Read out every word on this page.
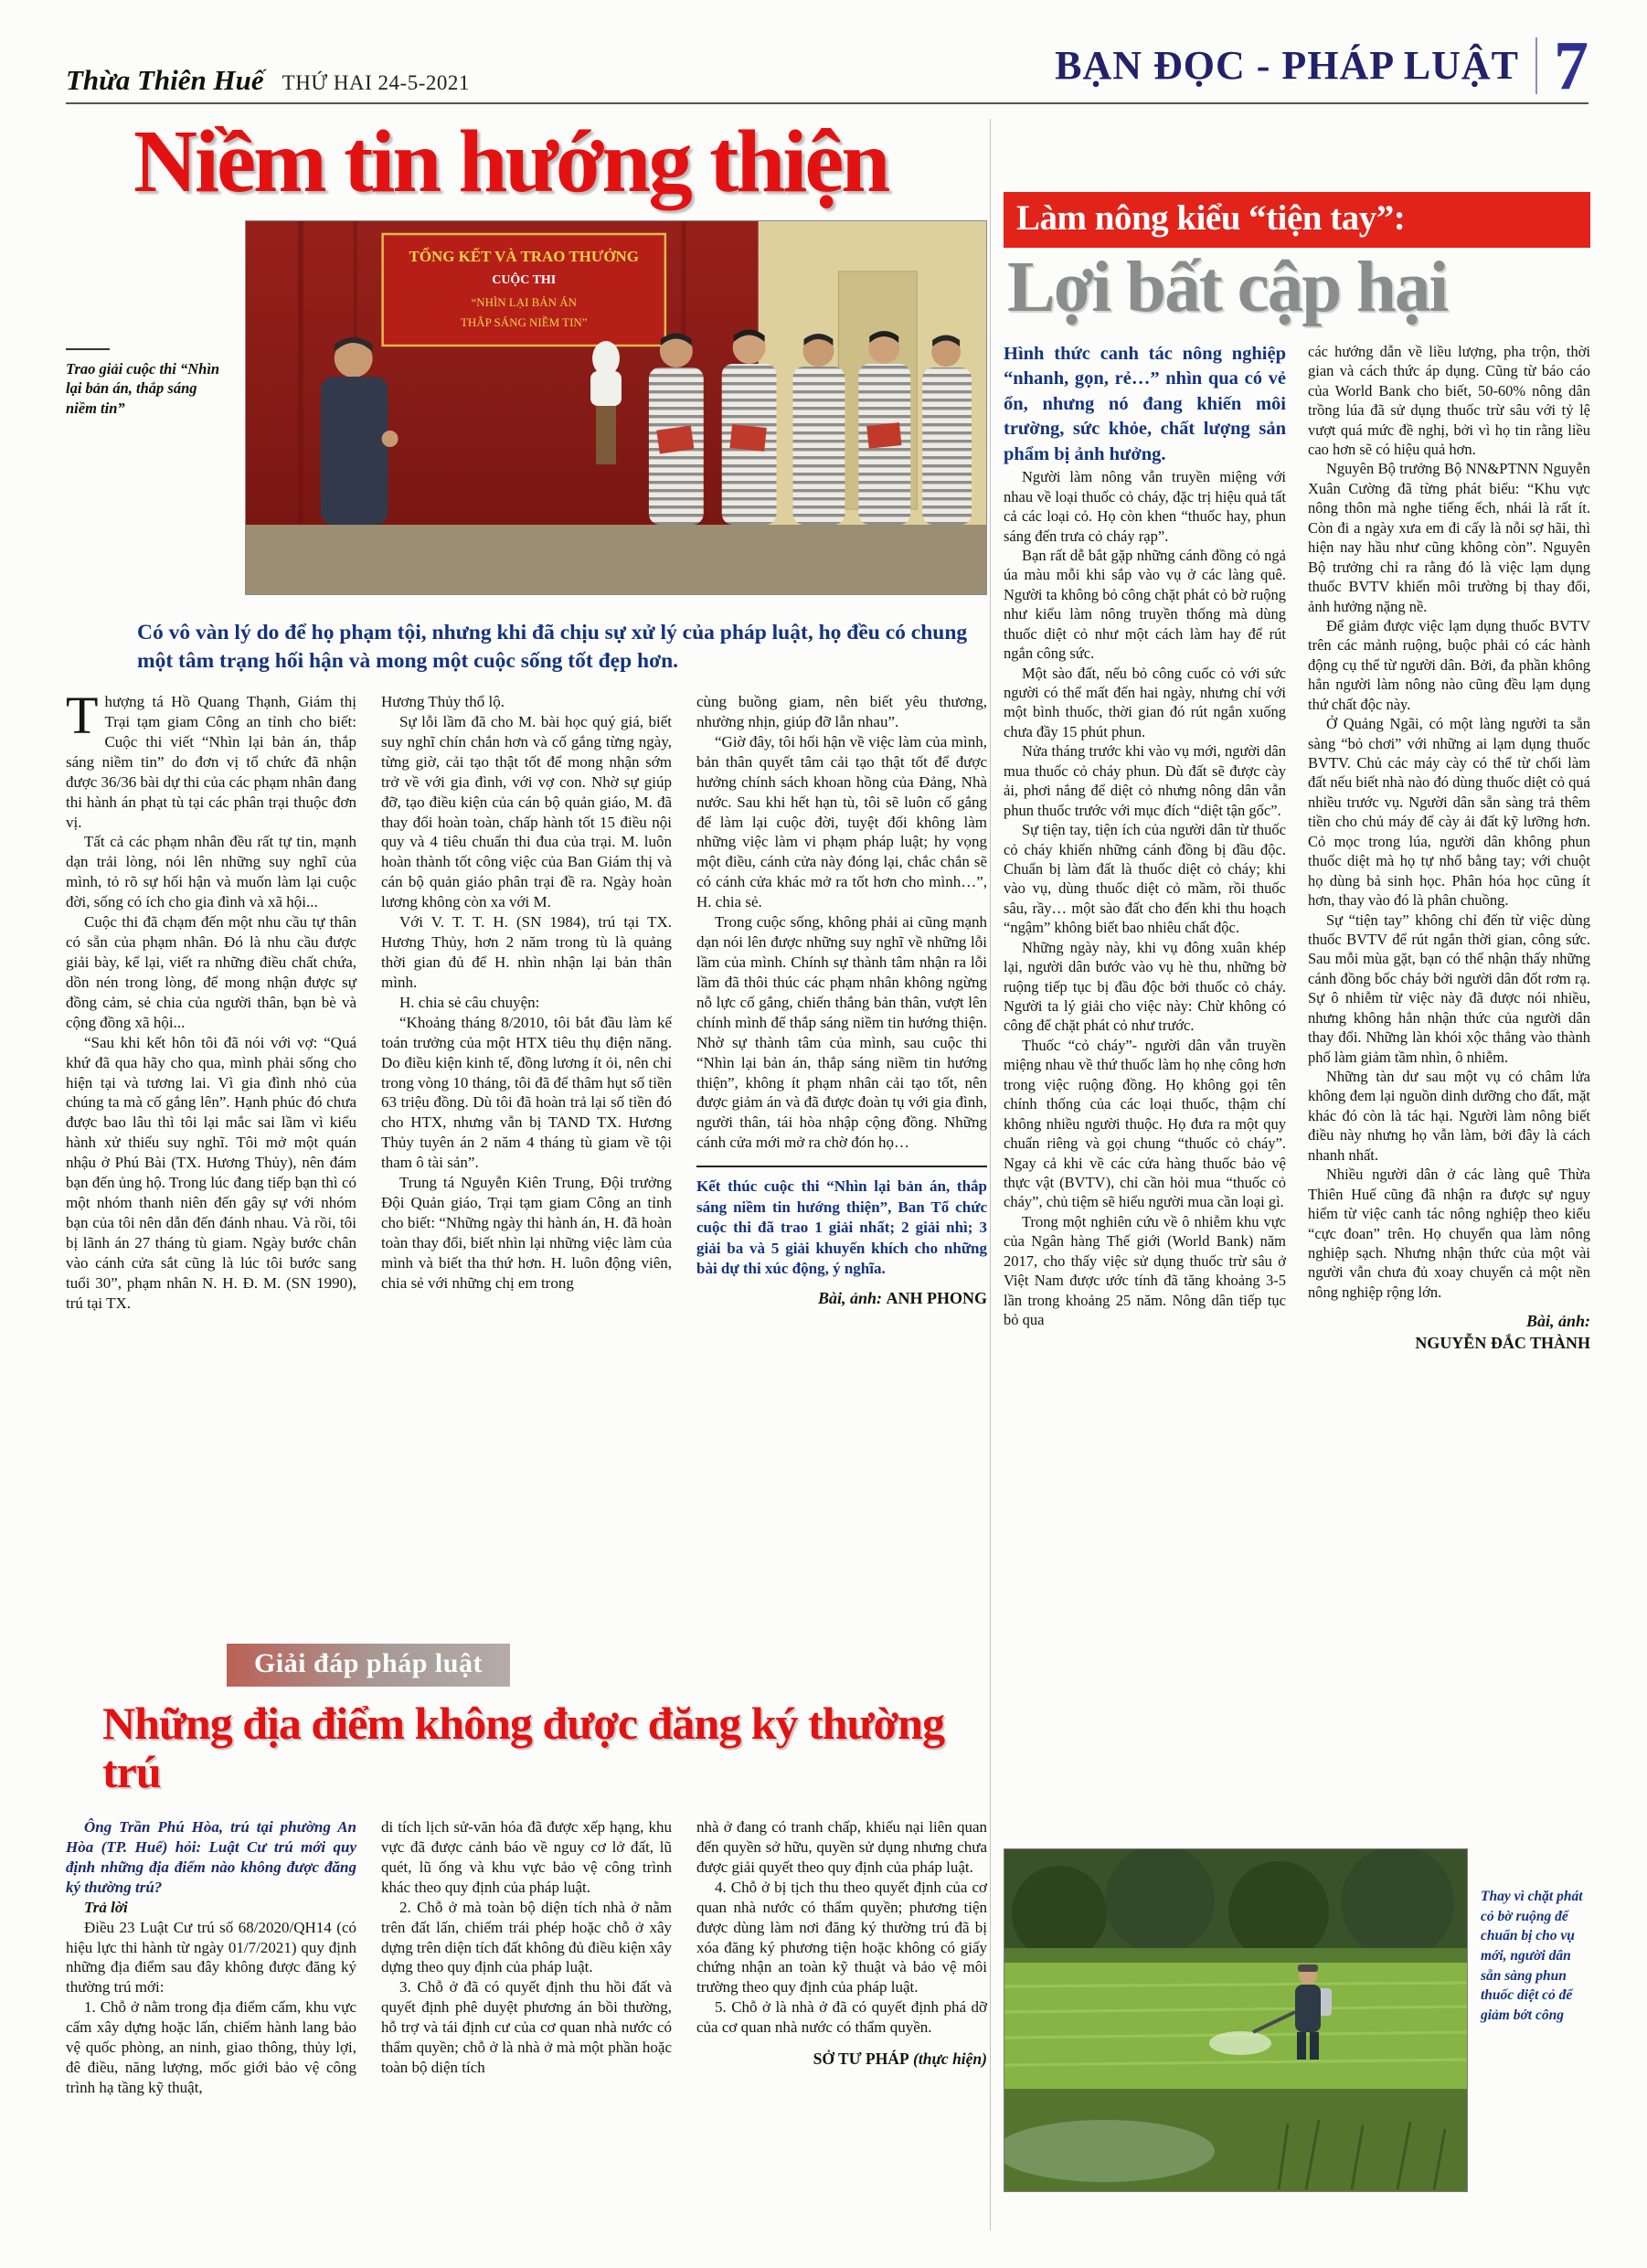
Thừa Thiên Huế THỨ HAI 24-5-2021	BẠN ĐỌC - PHÁP LUẬT 7
Niềm tin hướng thiện
Trao giải cuộc thi “Nhìn lại bản án, thắp sáng niềm tin”
TỔNG KẾT VÀ TRAO THƯỞNG
CUỘC THI
“NHÌN LẠI BẢN ÁN
THẮP SÁNG NIỀM TIN”

Có vô vàn lý do để họ phạm tội, nhưng khi đã chịu sự xử lý của pháp luật, họ đều có chung một tâm trạng hối hận và mong một cuộc sống tốt đẹp hơn.

Thượng tá Hồ Quang Thạnh, Giám thị Trại tạm giam Công an tỉnh cho biết: Cuộc thi viết “Nhìn lại bản án, thắp sáng niềm tin” do đơn vị tổ chức đã nhận được 36/36 bài dự thi của các phạm nhân đang thi hành án phạt tù tại các phân trại thuộc đơn vị.

Tất cả các phạm nhân đều rất tự tin, mạnh dạn trải lòng, nói lên những suy nghĩ của mình, tỏ rõ sự hối hận và muốn làm lại cuộc đời, sống có ích cho gia đình và xã hội...

Cuộc thi đã chạm đến một nhu cầu tự thân có sẵn của phạm nhân. Đó là nhu cầu được giải bày, kể lại, viết ra những điều chất chứa, dồn nén trong lòng, để mong nhận được sự đồng cảm, sẻ chia của người thân, bạn bè và cộng đồng xã hội...

“Sau khi kết hôn tôi đã nói với vợ: “Quá khứ đã qua hãy cho qua, mình phải sống cho hiện tại và tương lai. Vì gia đình nhỏ của chúng ta mà cố gắng lên”. Hạnh phúc đó chưa được bao lâu thì tôi lại mắc sai lầm vì kiểu hành xử thiếu suy nghĩ. Tôi mở một quán nhậu ở Phú Bài (TX. Hương Thủy), nên đám bạn đến ủng hộ. Trong lúc đang tiếp bạn thì có một nhóm thanh niên đến gây sự với nhóm bạn của tôi nên dẫn đến đánh nhau. Và rồi, tôi bị lãnh án 27 tháng tù giam. Ngày bước chân vào cánh cửa sắt cũng là lúc tôi bước sang tuổi 30”, phạm nhân N. H. Đ. M. (SN 1990), trú tại TX.

Hương Thủy thổ lộ.

Sự lỗi lầm đã cho M. bài học quý giá, biết suy nghĩ chín chắn hơn và cố gắng từng ngày, từng giờ, cải tạo thật tốt để mong nhận sớm trở về với gia đình, với vợ con. Nhờ sự giúp đỡ, tạo điều kiện của cán bộ quản giáo, M. đã thay đổi hoàn toàn, chấp hành tốt 15 điều nội quy và 4 tiêu chuẩn thi đua của trại. M. luôn hoàn thành tốt công việc của Ban Giám thị và cán bộ quản giáo phân trại đề ra. Ngày hoàn lương không còn xa với M.

Với V. T. T. H. (SN 1984), trú tại TX. Hương Thủy, hơn 2 năm trong tù là quảng thời gian đủ để H. nhìn nhận lại bản thân mình.

H. chia sẻ câu chuyện:

“Khoảng tháng 8/2010, tôi bắt đầu làm kế toán trưởng của một HTX tiêu thụ điện năng. Do điều kiện kinh tế, đồng lương ít ỏi, nên chỉ trong vòng 10 tháng, tôi đã để thâm hụt số tiền 63 triệu đồng. Dù tôi đã hoàn trả lại số tiền đó cho HTX, nhưng vẫn bị TAND TX. Hương Thủy tuyên án 2 năm 4 tháng tù giam về tội tham ô tài sản”.

Trung tá Nguyễn Kiên Trung, Đội trưởng Đội Quản giáo, Trại tạm giam Công an tỉnh cho biết: “Những ngày thi hành án, H. đã hoàn toàn thay đổi, biết nhìn lại những việc làm của mình và biết tha thứ hơn. H. luôn động viên, chia sẻ với những chị em trong

cùng buồng giam, nên biết yêu thương, nhường nhịn, giúp đỡ lẫn nhau”.

“Giờ đây, tôi hối hận về việc làm của mình, bản thân quyết tâm cải tạo thật tốt để được hưởng chính sách khoan hồng của Đảng, Nhà nước. Sau khi hết hạn tù, tôi sẽ luôn cố gắng để làm lại cuộc đời, tuyệt đối không làm những việc làm vi phạm pháp luật; hy vọng một điều, cánh cửa này đóng lại, chắc chắn sẽ có cánh cửa khác mở ra tốt hơn cho mình…”, H. chia sẻ.

Trong cuộc sống, không phải ai cũng mạnh dạn nói lên được những suy nghĩ về những lỗi lầm của mình. Chính sự thành tâm nhận ra lỗi lầm đã thôi thúc các phạm nhân không ngừng nỗ lực cố gắng, chiến thắng bản thân, vượt lên chính mình để thắp sáng niềm tin hướng thiện. Nhờ sự thành tâm của mình, sau cuộc thi “Nhìn lại bản án, thắp sáng niềm tin hướng thiện”, không ít phạm nhân cải tạo tốt, nên được giảm án và đã được đoàn tụ với gia đình, người thân, tái hòa nhập cộng đồng. Những cánh cửa mới mở ra chờ đón họ…

Kết thúc cuộc thi “Nhìn lại bản án, thắp sáng niềm tin hướng thiện”, Ban Tổ chức cuộc thi đã trao 1 giải nhất; 2 giải nhì; 3 giải ba và 5 giải khuyến khích cho những bài dự thi xúc động, ý nghĩa.
Bài, ảnh: ANH PHONG
Làm nông kiểu “tiện tay”:
Lợi bất cập hại

Hình thức canh tác nông nghiệp “nhanh, gọn, rẻ…” nhìn qua có vẻ ổn, nhưng nó đang khiến môi trường, sức khỏe, chất lượng sản phẩm bị ảnh hưởng.

Người làm nông vẫn truyền miệng với nhau về loại thuốc cỏ cháy, đặc trị hiệu quả tất cả các loại cỏ. Họ còn khen “thuốc hay, phun sáng đến trưa cỏ cháy rạp”.

Bạn rất dễ bắt gặp những cánh đồng cỏ ngả úa màu mỗi khi sắp vào vụ ở các làng quê. Người ta không bỏ công chặt phát cỏ bờ ruộng như kiểu làm nông truyền thống mà dùng thuốc diệt cỏ như một cách làm hay để rút ngắn công sức.

Một sào đất, nếu bỏ công cuốc cỏ với sức người có thể mất đến hai ngày, nhưng chỉ với một bình thuốc, thời gian đó rút ngắn xuống chưa đầy 15 phút phun.

Nửa tháng trước khi vào vụ mới, người dân mua thuốc cỏ cháy phun. Dù đất sẽ được cày ải, phơi nắng để diệt cỏ nhưng nông dân vẫn phun thuốc trước với mục đích “diệt tận gốc”.

Sự tiện tay, tiện ích của người dân từ thuốc cỏ cháy khiến những cánh đồng bị đầu độc. Chuẩn bị làm đất là thuốc diệt cỏ cháy; khi vào vụ, dùng thuốc diệt cỏ mầm, rồi thuốc sâu, rầy… một sào đất cho đến khi thu hoạch “ngậm” không biết bao nhiêu chất độc.

Những ngày này, khi vụ đông xuân khép lại, người dân bước vào vụ hè thu, những bờ ruộng tiếp tục bị đầu độc bởi thuốc cỏ cháy. Người ta lý giải cho việc này: Chừ không có công để chặt phát cỏ như trước.

Thuốc “cỏ cháy”- người dân vẫn truyền miệng nhau về thứ thuốc làm họ nhẹ công hơn trong việc ruộng đồng. Họ không gọi tên chính thống của các loại thuốc, thậm chí không nhiều người thuộc. Họ đưa ra một quy chuẩn riêng và gọi chung “thuốc cỏ cháy”. Ngay cả khi về các cửa hàng thuốc bảo vệ thực vật (BVTV), chỉ cần hỏi mua “thuốc cỏ cháy”, chủ tiệm sẽ hiểu người mua cần loại gì.

Trong một nghiên cứu về ô nhiễm khu vực của Ngân hàng Thế giới (World Bank) năm 2017, cho thấy việc sử dụng thuốc trừ sâu ở Việt Nam được ước tính đã tăng khoảng 3-5 lần trong khoảng 25 năm. Nông dân tiếp tục bỏ qua

các hướng dẫn về liều lượng, pha trộn, thời gian và cách thức áp dụng. Cũng từ báo cáo của World Bank cho biết, 50-60% nông dân trồng lúa đã sử dụng thuốc trừ sâu với tỷ lệ vượt quá mức đề nghị, bởi vì họ tin rằng liều cao hơn sẽ có hiệu quả hơn.

Nguyên Bộ trưởng Bộ NN&PTNN Nguyễn Xuân Cường đã từng phát biểu: “Khu vực nông thôn mà nghe tiếng ếch, nhái là rất ít. Còn đi a ngày xưa em đi cấy là nỗi sợ hãi, thì hiện nay hầu như cũng không còn”. Nguyên Bộ trưởng chỉ ra rằng đó là việc lạm dụng thuốc BVTV khiến môi trường bị thay đổi, ảnh hưởng nặng nề.

Để giảm được việc lạm dụng thuốc BVTV trên các mảnh ruộng, buộc phải có các hành động cụ thể từ người dân. Bởi, đa phần không hẳn người làm nông nào cũng đều lạm dụng thứ chất độc này.

Ở Quảng Ngãi, có một làng người ta sẵn sàng “bỏ chơi” với những ai lạm dụng thuốc BVTV. Chủ các máy cày có thể từ chối làm đất nếu biết nhà nào đó dùng thuốc diệt cỏ quá nhiều trước vụ. Người dân sẵn sàng trả thêm tiền cho chủ máy để cày ải đất kỹ lưỡng hơn. Cỏ mọc trong lúa, người dân không phun thuốc diệt mà họ tự nhổ bằng tay; với chuột họ dùng bả sinh học. Phân hóa học cũng ít hơn, thay vào đó là phân chuồng.

Sự “tiện tay” không chỉ đến từ việc dùng thuốc BVTV để rút ngắn thời gian, công sức. Sau mỗi mùa gặt, bạn có thể nhận thấy những cánh đồng bốc cháy bởi người dân đốt rơm rạ. Sự ô nhiễm từ việc này đã được nói nhiều, nhưng không hẳn nhận thức của người dân thay đổi. Những làn khói xộc thẳng vào thành phố làm giảm tầm nhìn, ô nhiễm.

Những tàn dư sau một vụ có châm lửa không đem lại nguồn dinh dưỡng cho đất, mặt khác đó còn là tác hại. Người làm nông biết điều này nhưng họ vẫn làm, bởi đây là cách nhanh nhất.

Nhiều người dân ở các làng quê Thừa Thiên Huế cũng đã nhận ra được sự nguy hiểm từ việc canh tác nông nghiệp theo kiểu “cực đoan” trên. Họ chuyển qua làm nông nghiệp sạch. Nhưng nhận thức của một vài người vẫn chưa đủ xoay chuyển cả một nền nông nghiệp rộng lớn.

Bài, ảnh:
NGUYỄN ĐẮC THÀNH
Thay vì chặt phát cỏ bờ ruộng để chuẩn bị cho vụ mới, người dân sẵn sàng phun thuốc diệt cỏ để giảm bớt công
Giải đáp pháp luật
Những địa điểm không được đăng ký thường trú

Ông Trần Phú Hòa, trú tại phường An Hòa (TP. Huế) hỏi: Luật Cư trú mới quy định những địa điểm nào không được đăng ký thường trú?

Trả lời

Điều 23 Luật Cư trú số 68/2020/QH14 (có hiệu lực thi hành từ ngày 01/7/2021) quy định những địa điểm sau đây không được đăng ký thường trú mới:

1. Chỗ ở nằm trong địa điểm cấm, khu vực cấm xây dựng hoặc lấn, chiếm hành lang bảo vệ quốc phòng, an ninh, giao thông, thủy lợi, đê điều, năng lượng, mốc giới bảo vệ công trình hạ tầng kỹ thuật,

di tích lịch sử-văn hóa đã được xếp hạng, khu vực đã được cảnh báo về nguy cơ lở đất, lũ quét, lũ ống và khu vực bảo vệ công trình khác theo quy định của pháp luật.

2. Chỗ ở mà toàn bộ diện tích nhà ở nằm trên đất lấn, chiếm trái phép hoặc chỗ ở xây dựng trên diện tích đất không đủ điều kiện xây dựng theo quy định của pháp luật.

3. Chỗ ở đã có quyết định thu hồi đất và quyết định phê duyệt phương án bồi thường, hỗ trợ và tái định cư của cơ quan nhà nước có thẩm quyền; chỗ ở là nhà ở mà một phần hoặc toàn bộ diện tích

nhà ở đang có tranh chấp, khiếu nại liên quan đến quyền sở hữu, quyền sử dụng nhưng chưa được giải quyết theo quy định của pháp luật.

4. Chỗ ở bị tịch thu theo quyết định của cơ quan nhà nước có thẩm quyền; phương tiện được dùng làm nơi đăng ký thường trú đã bị xóa đăng ký phương tiện hoặc không có giấy chứng nhận an toàn kỹ thuật và bảo vệ môi trường theo quy định của pháp luật.

5. Chỗ ở là nhà ở đã có quyết định phá dỡ của cơ quan nhà nước có thẩm quyền.

SỞ TƯ PHÁP (thực hiện)
